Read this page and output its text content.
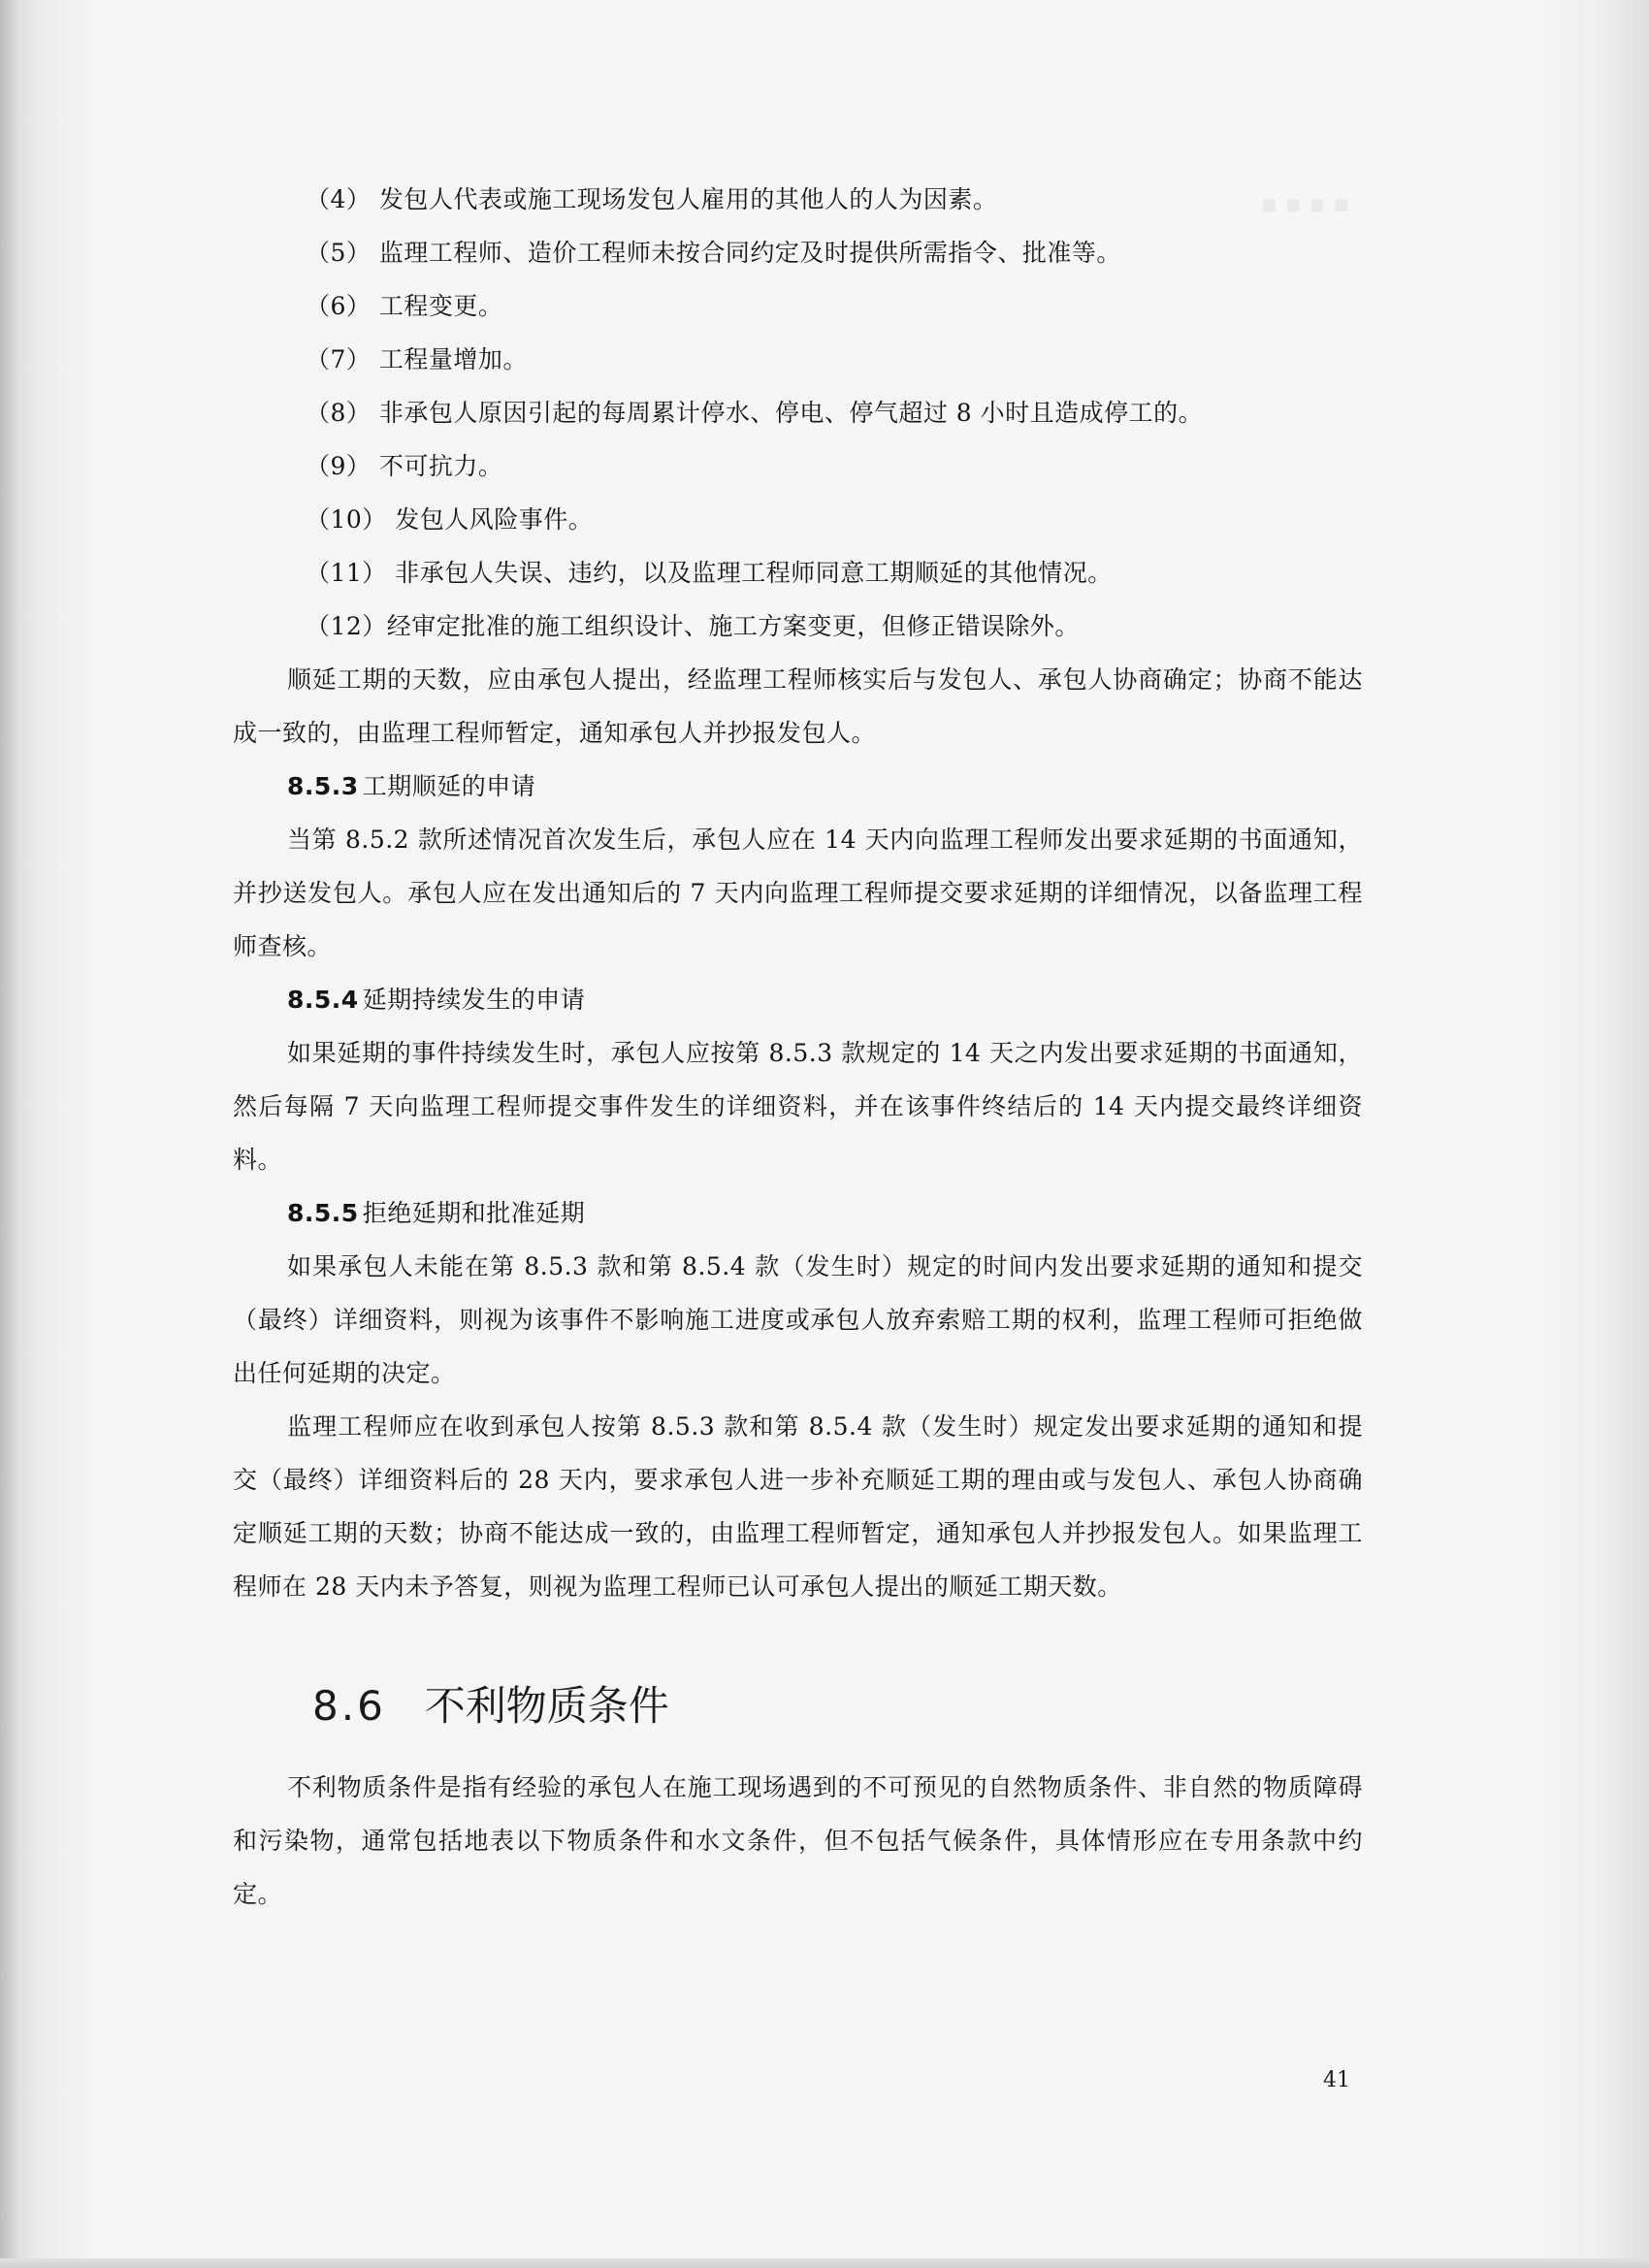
▪ ▪ ▪ ▪

（4） 发包人代表或施工现场发包人雇用的其他人的人为因素。

（5） 监理工程师、造价工程师未按合同约定及时提供所需指令、批准等。

（6） 工程变更。

（7） 工程量增加。

（8） 非承包人原因引起的每周累计停水、停电、停气超过 8 小时且造成停工的。

（9） 不可抗力。

（10） 发包人风险事件。

（11） 非承包人失误、违约，以及监理工程师同意工期顺延的其他情况。

（12）经审定批准的施工组织设计、施工方案变更，但修正错误除外。

顺延工期的天数，应由承包人提出，经监理工程师核实后与发包人、承包人协商确定；协商不能达成一致的，由监理工程师暂定，通知承包人并抄报发包人。

8.5.3 工期顺延的申请

当第 8.5.2 款所述情况首次发生后，承包人应在 14 天内向监理工程师发出要求延期的书面通知，并抄送发包人。承包人应在发出通知后的 7 天内向监理工程师提交要求延期的详细情况，以备监理工程师查核。

8.5.4 延期持续发生的申请

如果延期的事件持续发生时，承包人应按第 8.5.3 款规定的 14 天之内发出要求延期的书面通知，然后每隔 7 天向监理工程师提交事件发生的详细资料，并在该事件终结后的 14 天内提交最终详细资料。

8.5.5 拒绝延期和批准延期

如果承包人未能在第 8.5.3 款和第 8.5.4 款（发生时）规定的时间内发出要求延期的通知和提交（最终）详细资料，则视为该事件不影响施工进度或承包人放弃索赔工期的权利，监理工程师可拒绝做出任何延期的决定。

监理工程师应在收到承包人按第 8.5.3 款和第 8.5.4 款（发生时）规定发出要求延期的通知和提交（最终）详细资料后的 28 天内，要求承包人进一步补充顺延工期的理由或与发包人、承包人协商确定顺延工期的天数；协商不能达成一致的，由监理工程师暂定，通知承包人并抄报发包人。如果监理工程师在 28 天内未予答复，则视为监理工程师已认可承包人提出的顺延工期天数。

8.6 不利物质条件

不利物质条件是指有经验的承包人在施工现场遇到的不可预见的自然物质条件、非自然的物质障碍和污染物，通常包括地表以下物质条件和水文条件，但不包括气候条件，具体情形应在专用条款中约定。

41
